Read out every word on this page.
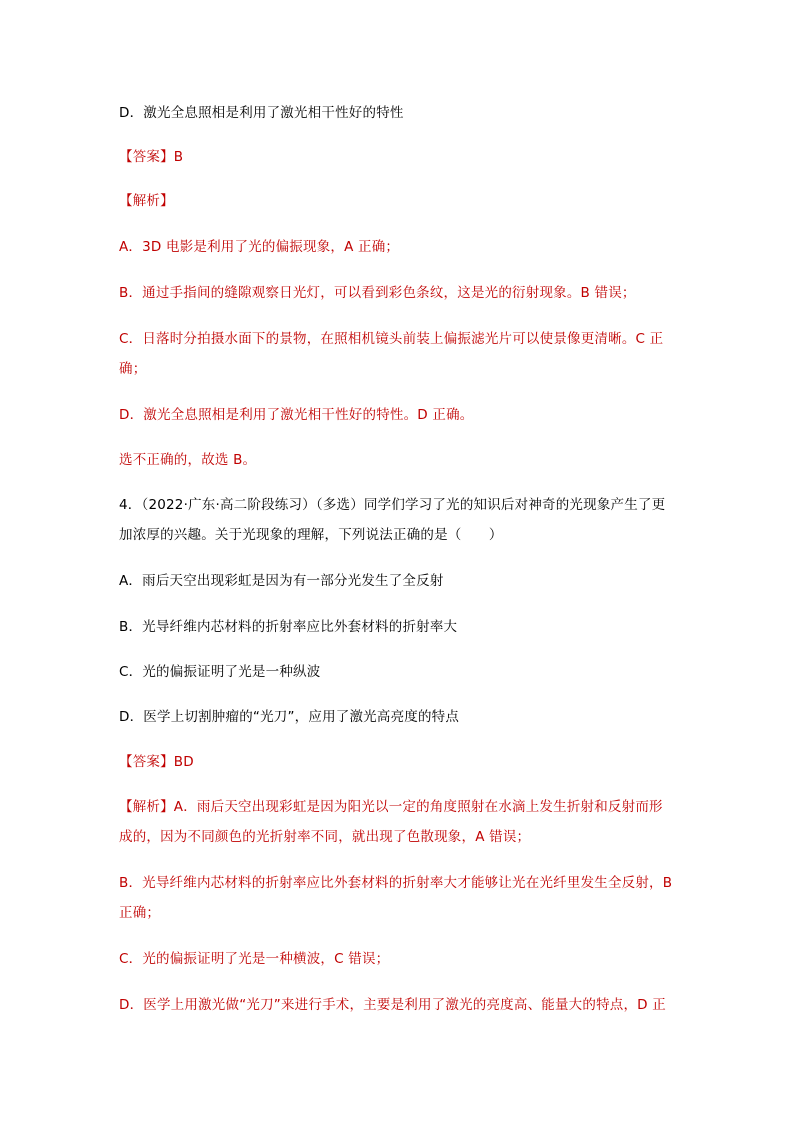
D．激光全息照相是利用了激光相干性好的特性
【答案】B
【解析】
A．3D 电影是利用了光的偏振现象，A 正确；
B．通过手指间的缝隙观察日光灯，可以看到彩色条纹，这是光的衍射现象。B 错误；
C．日落时分拍摄水面下的景物，在照相机镜头前装上偏振滤光片可以使景像更清晰。C 正
确；
D．激光全息照相是利用了激光相干性好的特性。D 正确。
选不正确的，故选 B。
4．（2022·广东·高二阶段练习）（多选）同学们学习了光的知识后对神奇的光现象产生了更
加浓厚的兴趣。关于光现象的理解，下列说法正确的是（　　）
A．雨后天空出现彩虹是因为有一部分光发生了全反射
B．光导纤维内芯材料的折射率应比外套材料的折射率大
C．光的偏振证明了光是一种纵波
D．医学上切割肿瘤的“光刀”，应用了激光高亮度的特点
【答案】BD
【解析】A．雨后天空出现彩虹是因为阳光以一定的角度照射在水滴上发生折射和反射而形
成的，因为不同颜色的光折射率不同，就出现了色散现象，A 错误；
B．光导纤维内芯材料的折射率应比外套材料的折射率大才能够让光在光纤里发生全反射，B
正确；
C．光的偏振证明了光是一种横波，C 错误；
D．医学上用激光做“光刀”来进行手术，主要是利用了激光的亮度高、能量大的特点，D 正
